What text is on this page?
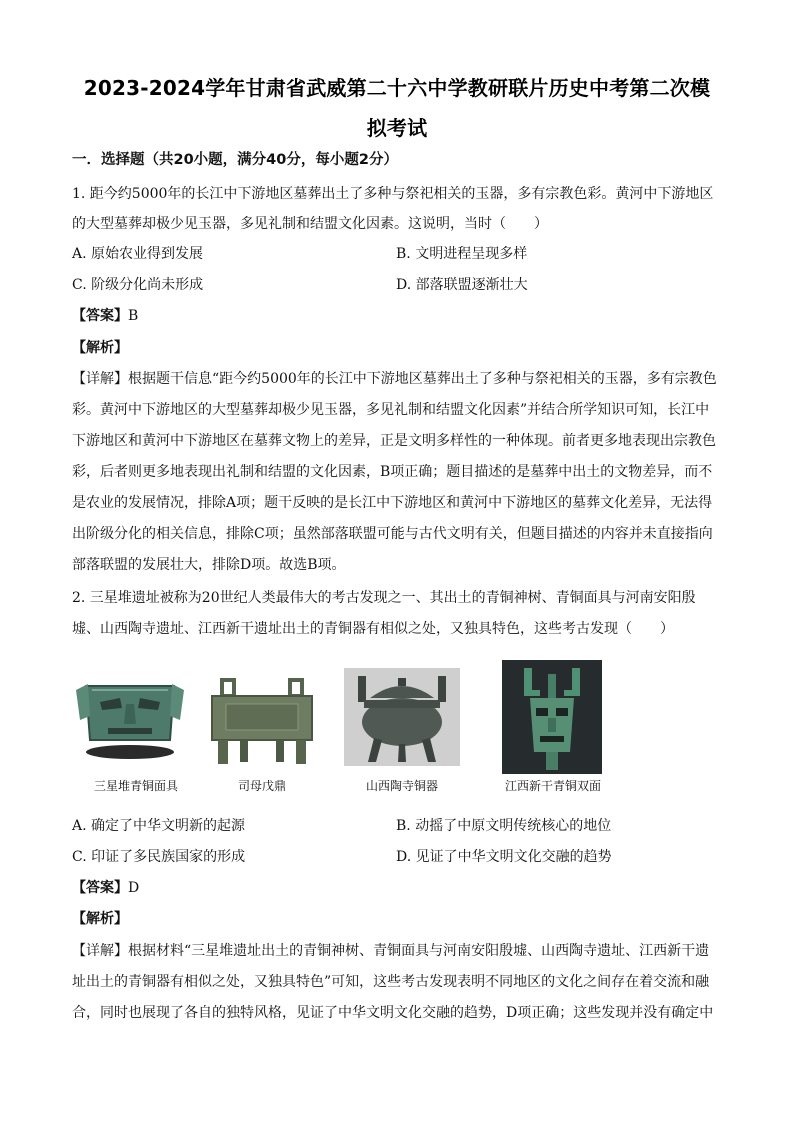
2023-2024学年甘肃省武威第二十六中学教研联片历史中考第二次模
拟考试
一．选择题（共20小题，满分40分，每小题2分）
1. 距今约5000年的长江中下游地区墓葬出土了多种与祭祀相关的玉器，多有宗教色彩。黄河中下游地区
的大型墓葬却极少见玉器，多见礼制和结盟文化因素。这说明，当时（　　）
A. 原始农业得到发展	B. 文明进程呈现多样
C. 阶级分化尚未形成	D. 部落联盟逐渐壮大
【答案】B
【解析】
【详解】根据题干信息“距今约5000年的长江中下游地区墓葬出土了多种与祭祀相关的玉器，多有宗教色
彩。黄河中下游地区的大型墓葬却极少见玉器，多见礼制和结盟文化因素”并结合所学知识可知，长江中
下游地区和黄河中下游地区在墓葬文物上的差异，正是文明多样性的一种体现。前者更多地表现出宗教色
彩，后者则更多地表现出礼制和结盟的文化因素，B项正确；题目描述的是墓葬中出土的文物差异，而不
是农业的发展情况，排除A项；题干反映的是长江中下游地区和黄河中下游地区的墓葬文化差异，无法得
出阶级分化的相关信息，排除C项；虽然部落联盟可能与古代文明有关，但题目描述的内容并未直接指向
部落联盟的发展壮大，排除D项。故选B项。
2. 三星堆遗址被称为20世纪人类最伟大的考古发现之一、其出土的青铜神树、青铜面具与河南安阳殷
墟、山西陶寺遗址、江西新干遗址出土的青铜器有相似之处，又独具特色，这些考古发现（　　）
三星堆青铜面具	司母戊鼎	山西陶寺铜器	江西新干青铜双面
A. 确定了中华文明新的起源	B. 动摇了中原文明传统核心的地位
C. 印证了多民族国家的形成	D. 见证了中华文明文化交融的趋势
【答案】D
【解析】
【详解】根据材料“三星堆遗址出土的青铜神树、青铜面具与河南安阳殷墟、山西陶寺遗址、江西新干遗
址出土的青铜器有相似之处，又独具特色”可知，这些考古发现表明不同地区的文化之间存在着交流和融
合，同时也展现了各自的独特风格，见证了中华文明文化交融的趋势，D项正确；这些发现并没有确定中
